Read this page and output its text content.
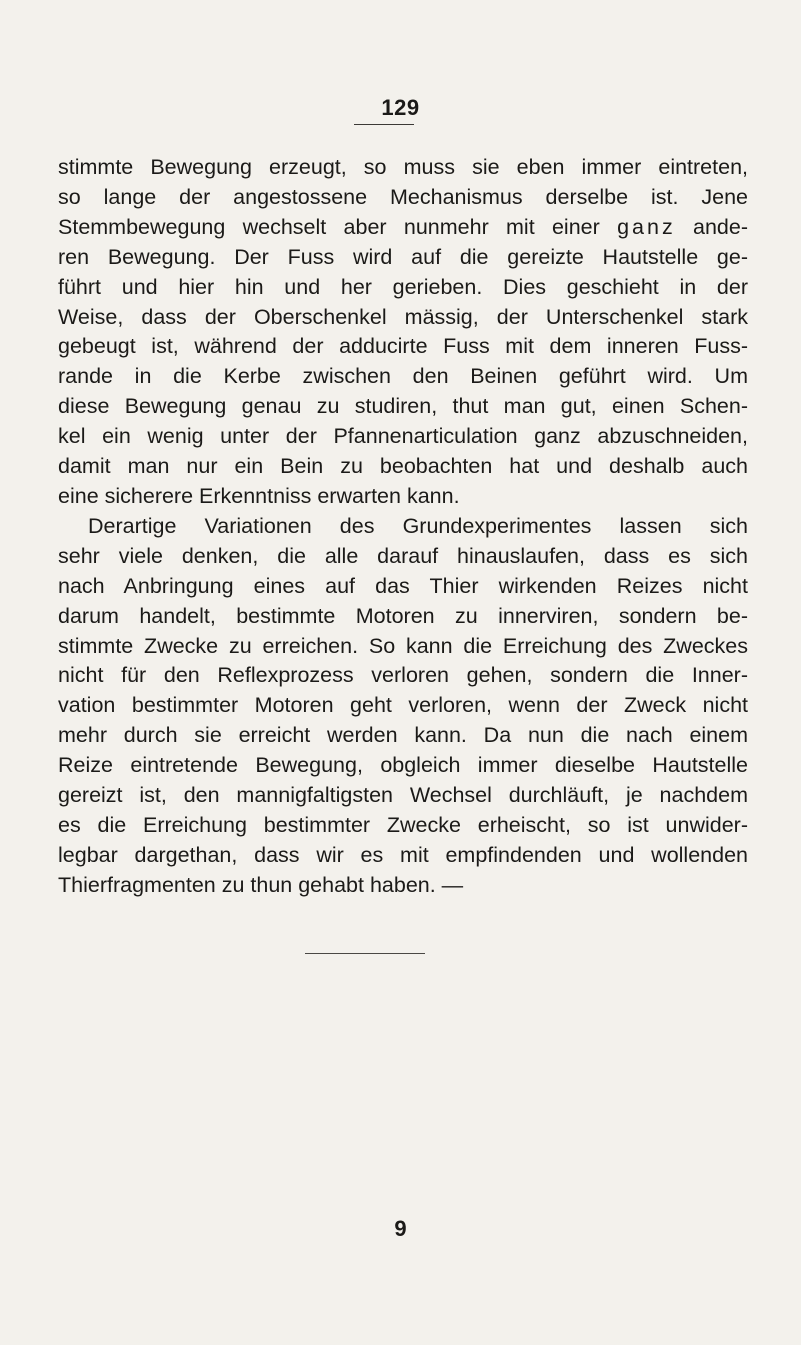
129

stimmte Bewegung erzeugt, so muss sie eben immer eintreten,
so lange der angestossene Mechanismus derselbe ist. Jene
Stemmbewegung wechselt aber nunmehr mit einer ganz ande-
ren Bewegung. Der Fuss wird auf die gereizte Hautstelle ge-
führt und hier hin und her gerieben. Dies geschieht in der
Weise, dass der Oberschenkel mässig, der Unterschenkel stark
gebeugt ist, während der adducirte Fuss mit dem inneren Fuss-
rande in die Kerbe zwischen den Beinen geführt wird. Um
diese Bewegung genau zu studiren, thut man gut, einen Schen-
kel ein wenig unter der Pfannenarticulation ganz abzuschneiden,
damit man nur ein Bein zu beobachten hat und deshalb auch
eine sicherere Erkenntniss erwarten kann.

Derartige Variationen des Grundexperimentes lassen sich
sehr viele denken, die alle darauf hinauslaufen, dass es sich
nach Anbringung eines auf das Thier wirkenden Reizes nicht
darum handelt, bestimmte Motoren zu innerviren, sondern be-
stimmte Zwecke zu erreichen. So kann die Erreichung des Zweckes
nicht für den Reflexprozess verloren gehen, sondern die Inner-
vation bestimmter Motoren geht verloren, wenn der Zweck nicht
mehr durch sie erreicht werden kann. Da nun die nach einem
Reize eintretende Bewegung, obgleich immer dieselbe Hautstelle
gereizt ist, den mannigfaltigsten Wechsel durchläuft, je nachdem
es die Erreichung bestimmter Zwecke erheischt, so ist unwider-
legbar dargethan, dass wir es mit empfindenden und wollenden
Thierfragmenten zu thun gehabt haben. —

9
